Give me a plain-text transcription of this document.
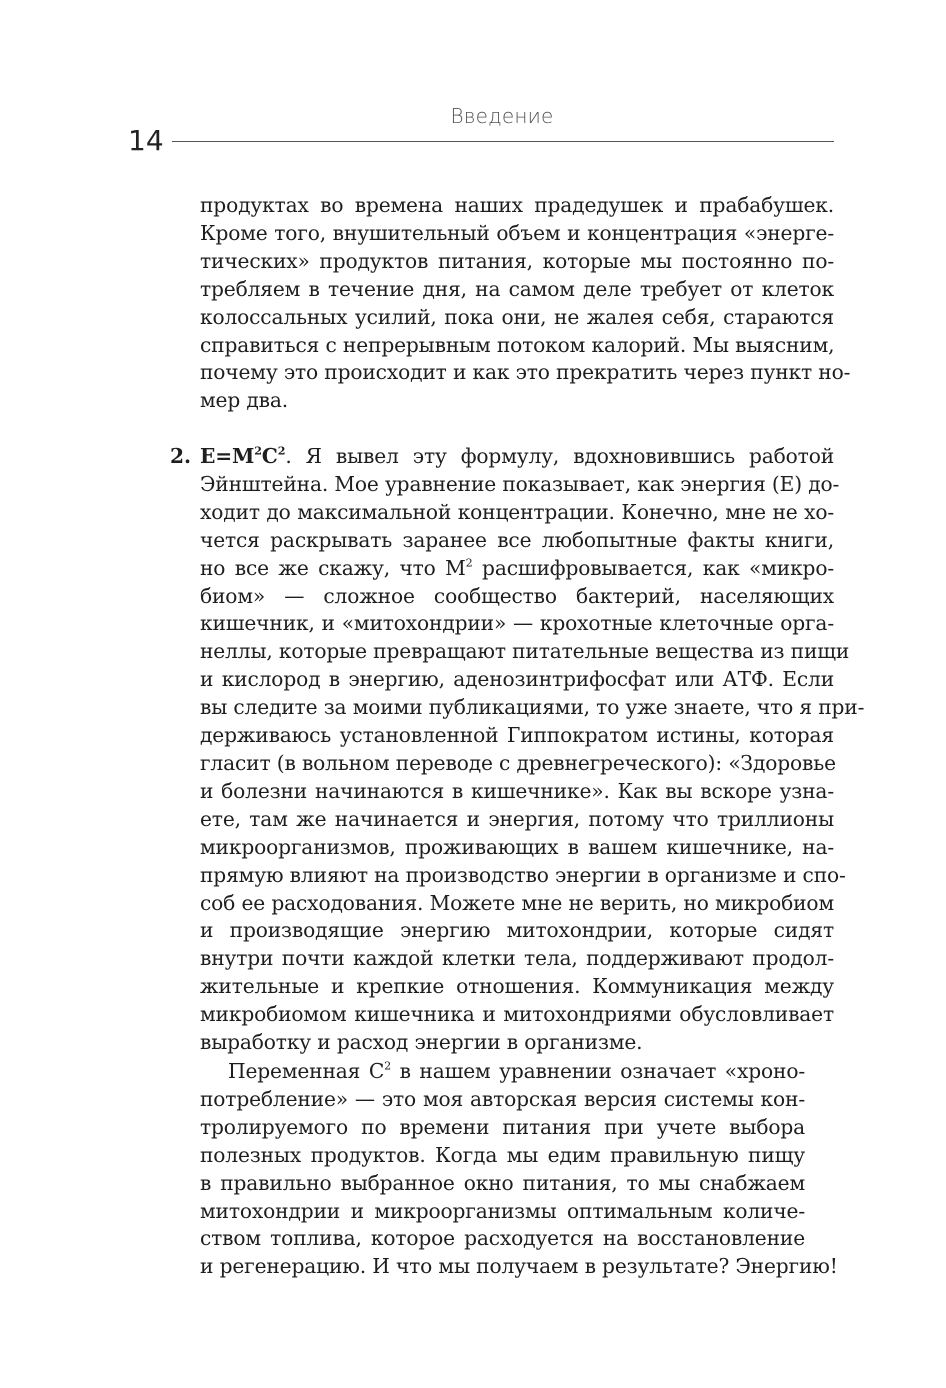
Введение
14
продуктах во времена наших прадедушек и прабабушек.
Кроме того, внушительный объем и концентрация «энерге-
тических» продуктов питания, которые мы постоянно по-
требляем в течение дня, на самом деле требует от клеток
колоссальных усилий, пока они, не жалея себя, стараются
справиться с непрерывным потоком калорий. Мы выясним,
почему это происходит и как это прекратить через пункт но-
мер два.
2. $E=M^2C^2$. Я вывел эту формулу, вдохновившись работой
Эйнштейна. Мое уравнение показывает, как энергия (E) до-
ходит до максимальной концентрации. Конечно, мне не хо-
чется раскрывать заранее все любопытные факты книги,
но все же скажу, что $M^2$ расшифровывается, как «микро-
биом» — сложное сообщество бактерий, населяющих
кишечник, и «митохондрии» — крохотные клеточные орга-
неллы, которые превращают питательные вещества из пищи
и кислород в энергию, аденозинтрифосфат или АТФ. Если
вы следите за моими публикациями, то уже знаете, что я при-
держиваюсь установленной Гиппократом истины, которая
гласит (в вольном переводе с древнегреческого): «Здоровье
и болезни начинаются в кишечнике». Как вы вскоре узна-
ете, там же начинается и энергия, потому что триллионы
микроорганизмов, проживающих в вашем кишечнике, на-
прямую влияют на производство энергии в организме и спо-
соб ее расходования. Можете мне не верить, но микробиом
и производящие энергию митохондрии, которые сидят
внутри почти каждой клетки тела, поддерживают продол-
жительные и крепкие отношения. Коммуникация между
микробиомом кишечника и митохондриями обусловливает
выработку и расход энергии в организме.
Переменная $C^2$ в нашем уравнении означает «хроно-
потребление» — это моя авторская версия системы кон-
тролируемого по времени питания при учете выбора
полезных продуктов. Когда мы едим правильную пищу
в правильно выбранное окно питания, то мы снабжаем
митохондрии и микроорганизмы оптимальным количе-
ством топлива, которое расходуется на восстановление
и регенерацию. И что мы получаем в результате? Энергию!
